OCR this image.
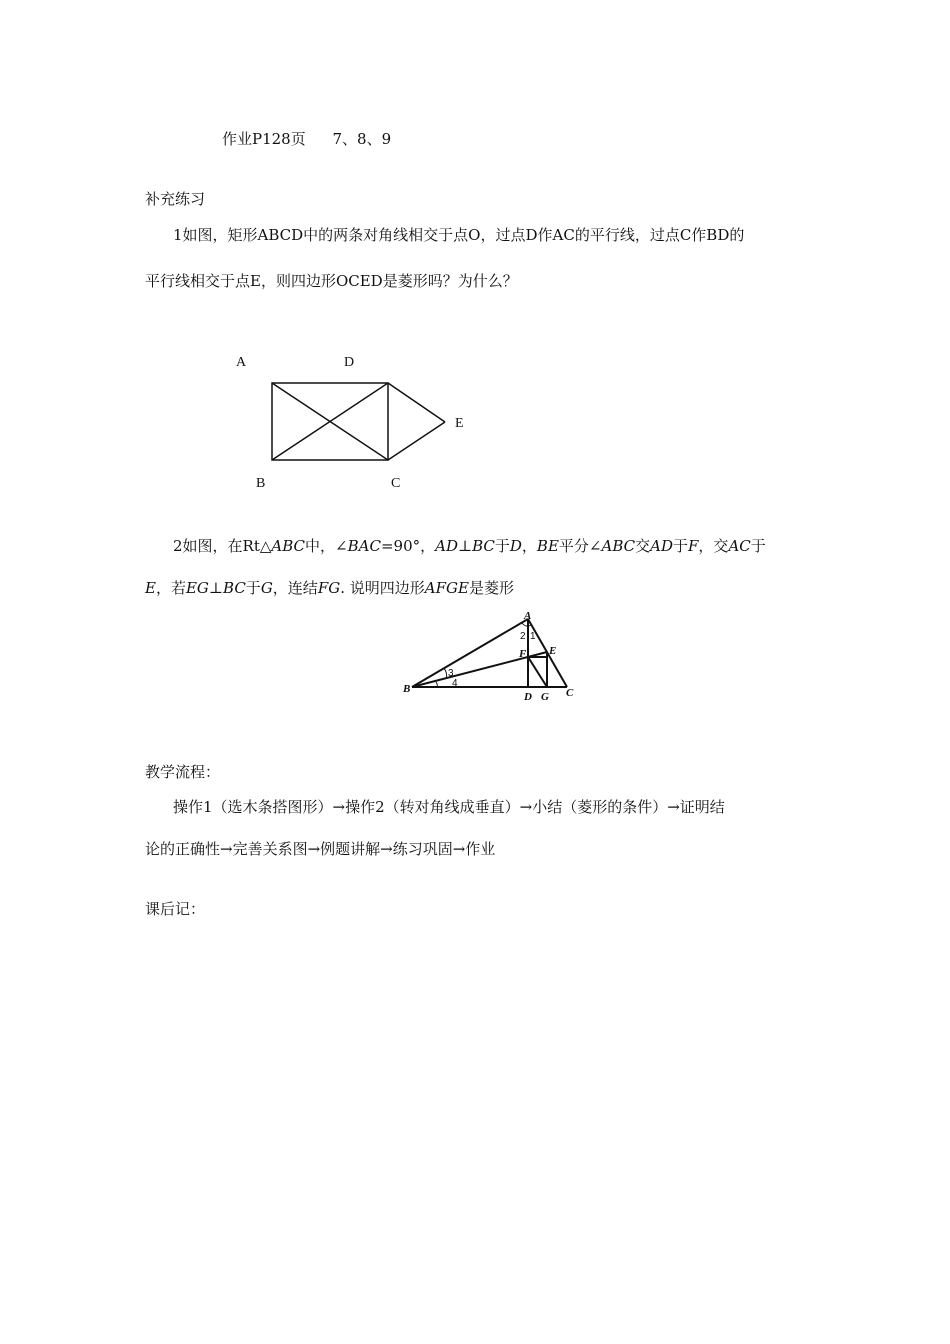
作业P128页 7、8、9
补充练习
1如图，矩形ABCD中的两条对角线相交于点O，过点D作AC的平行线，过点C作BD的
平行线相交于点E，则四边形OCED是菱形吗？为什么？
A	D
E
B	C
2如图，在Rt△ABC中，∠BAC=90°，AD⊥BC于D，BE平分∠ABC交AD于F，交AC于
E，若EG⊥BC于G，连结FG. 说明四边形AFGE是菱形
A
B	C
D
E
F
G
1
2
3
4
教学流程：
操作1（选木条搭图形）→操作2（转对角线成垂直）→小结（菱形的条件）→证明结
论的正确性→完善关系图→例题讲解→练习巩固→作业
课后记：
